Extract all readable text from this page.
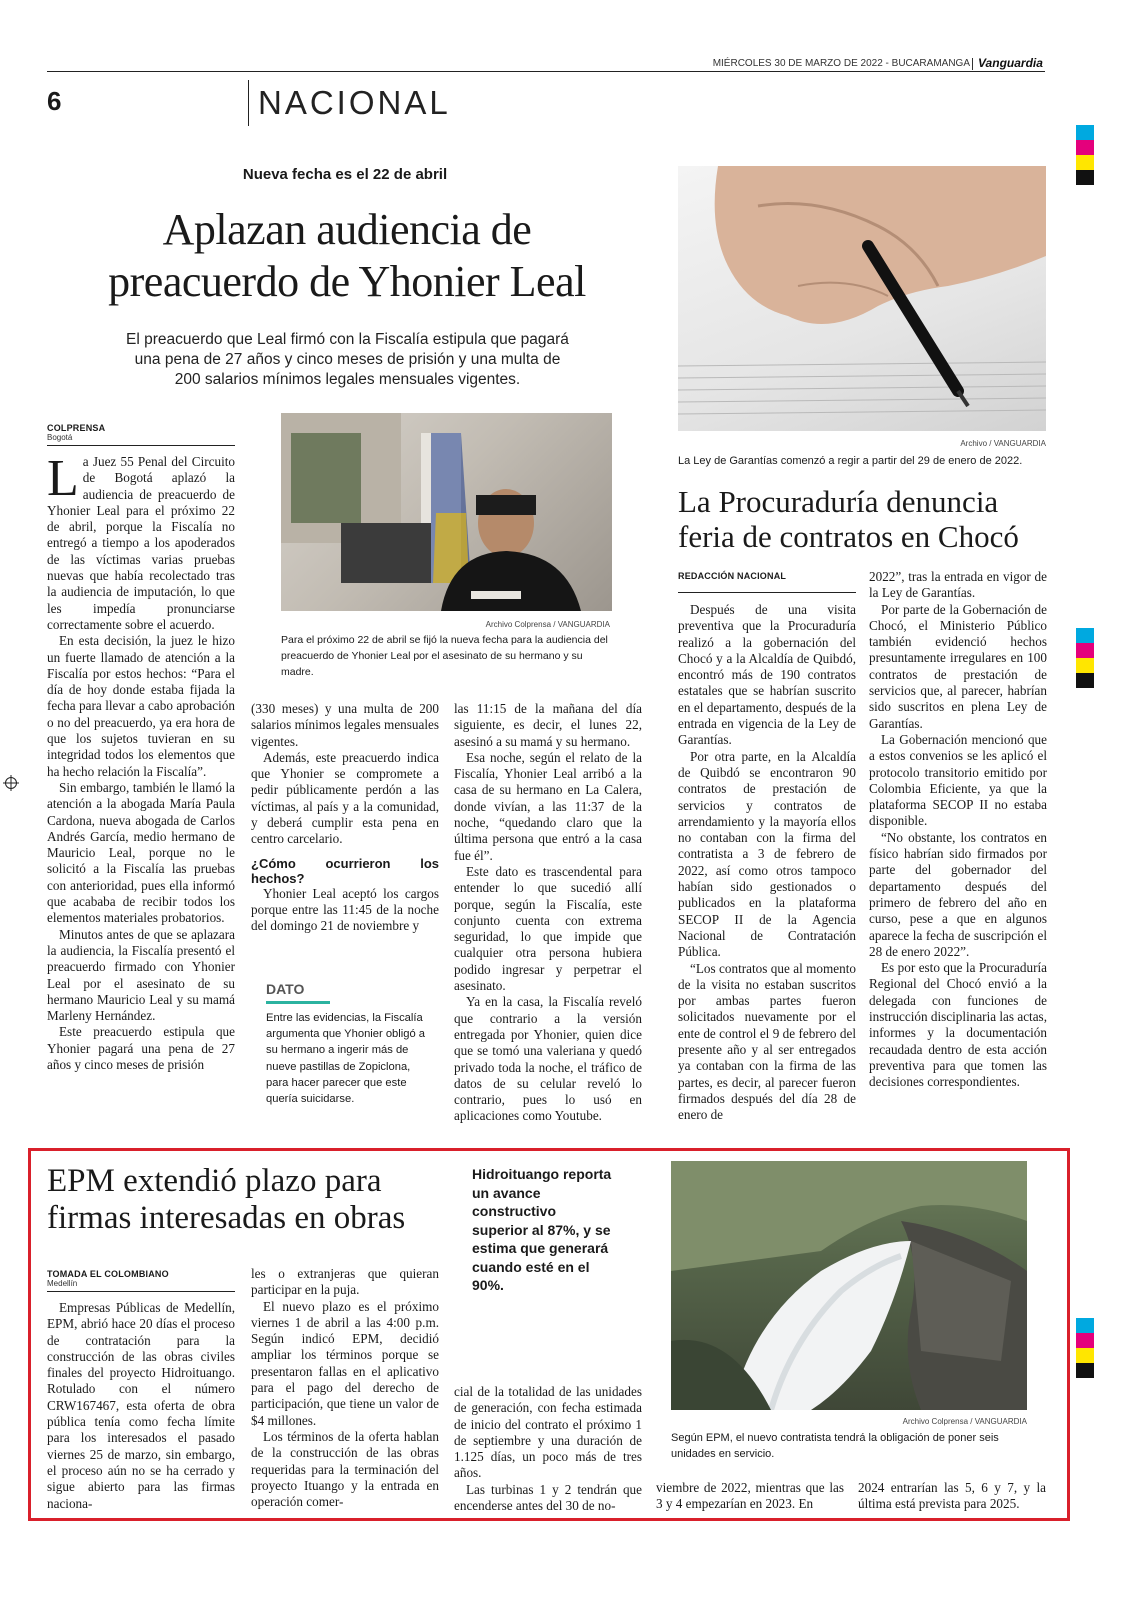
MIÉRCOLES 30 DE MARZO DE 2022 - BUCARAMANGA Vanguardia
6	NACIONAL
Nueva fecha es el 22 de abril
Aplazan audiencia de
preacuerdo de Yhonier Leal
El preacuerdo que Leal firmó con la Fiscalía estipula que pagará
una pena de 27 años y cinco meses de prisión y una multa de
200 salarios mínimos legales mensuales vigentes.
COLPRENSA
Bogotá

La Juez 55 Penal del Circuito de Bogotá aplazó la audiencia de preacuerdo de Yhonier Leal para el próximo 22 de abril, porque la Fiscalía no entregó a tiempo a los apoderados de las víctimas varias pruebas nuevas que había recolectado tras la audiencia de imputación, lo que les impedía pronunciarse correctamente sobre el acuerdo.

En esta decisión, la juez le hizo un fuerte llamado de atención a la Fiscalía por estos hechos: “Para el día de hoy donde estaba fijada la fecha para llevar a cabo aprobación o no del preacuerdo, ya era hora de que los sujetos tuvieran en su integridad todos los elementos que ha hecho relación la Fiscalía”.

Sin embargo, también le llamó la atención a la abogada María Paula Cardona, nueva abogada de Carlos Andrés García, medio hermano de Mauricio Leal, porque no le solicitó a la Fiscalía las pruebas con anterioridad, pues ella informó que acababa de recibir todos los elementos materiales probatorios.

Minutos antes de que se aplazara la audiencia, la Fiscalía presentó el preacuerdo firmado con Yhonier Leal por el asesinato de su hermano Mauricio Leal y su mamá Marleny Hernández.

Este preacuerdo estipula que Yhonier pagará una pena de 27 años y cinco meses de prisión

Archivo Colprensa / VANGUARDIA
Para el próximo 22 de abril se fijó la nueva fecha para la audiencia del preacuerdo de Yhonier Leal por el asesinato de su hermano y su madre.

(330 meses) y una multa de 200 salarios mínimos legales mensuales vigentes.

Además, este preacuerdo indica que Yhonier se compromete a pedir públicamente perdón a las víctimas, al país y a la comunidad, y deberá cumplir esta pena en centro carcelario.

¿Cómo ocurrieron los hechos?

Yhonier Leal aceptó los cargos porque entre las 11:45 de la noche del domingo 21 de noviembre y

DATO
Entre las evidencias, la Fiscalía argumenta que Yhonier obligó a su hermano a ingerir más de nueve pastillas de Zopiclona, para hacer parecer que este quería suicidarse.

las 11:15 de la mañana del día siguiente, es decir, el lunes 22, asesinó a su mamá y su hermano.

Esa noche, según el relato de la Fiscalía, Yhonier Leal arribó a la casa de su hermano en La Calera, donde vivían, a las 11:37 de la noche, “quedando claro que la última persona que entró a la casa fue él”.

Este dato es trascendental para entender lo que sucedió allí porque, según la Fiscalía, este conjunto cuenta con extrema seguridad, lo que impide que cualquier otra persona hubiera podido ingresar y perpetrar el asesinato.

Ya en la casa, la Fiscalía reveló que contrario a la versión entregada por Yhonier, quien dice que se tomó una valeriana y quedó privado toda la noche, el tráfico de datos de su celular reveló lo contrario, pues lo usó en aplicaciones como Youtube.

Archivo / VANGUARDIA
La Ley de Garantías comenzó a regir a partir del 29 de enero de 2022.
La Procuraduría denuncia
feria de contratos en Chocó
REDACCIÓN NACIONAL

Después de una visita preventiva que la Procuraduría realizó a la gobernación del Chocó y a la Alcaldía de Quibdó, encontró más de 190 contratos estatales que se habrían suscrito en el departamento, después de la entrada en vigencia de la Ley de Garantías.

Por otra parte, en la Alcaldía de Quibdó se encontraron 90 contratos de prestación de servicios y contratos de arrendamiento y la mayoría ellos no contaban con la firma del contratista a 3 de febrero de 2022, así como otros tampoco habían sido gestionados o publicados en la plataforma SECOP II de la Agencia Nacional de Contratación Pública.

“Los contratos que al momento de la visita no estaban suscritos por ambas partes fueron solicitados nuevamente por el ente de control el 9 de febrero del presente año y al ser entregados ya contaban con la firma de las partes, es decir, al parecer fueron firmados después del día 28 de enero de

2022”, tras la entrada en vigor de la Ley de Garantías.

Por parte de la Gobernación de Chocó, el Ministerio Público también evidenció hechos presuntamente irregulares en 100 contratos de prestación de servicios que, al parecer, habrían sido suscritos en plena Ley de Garantías.

La Gobernación mencionó que a estos convenios se les aplicó el protocolo transitorio emitido por Colombia Eficiente, ya que la plataforma SECOP II no estaba disponible.

“No obstante, los contratos en físico habrían sido firmados por parte del gobernador del departamento después del primero de febrero del año en curso, pese a que en algunos aparece la fecha de suscripción el 28 de enero 2022”.

Es por esto que la Procuraduría Regional del Chocó envió a la delegada con funciones de instrucción disciplinaria las actas, informes y la documentación recaudada dentro de esta acción preventiva para que tomen las decisiones correspondientes.

EPM extendió plazo para
firmas interesadas en obras
TOMADA EL COLOMBIANO
Medellín

Empresas Públicas de Medellín, EPM, abrió hace 20 días el proceso de contratación para la construcción de las obras civiles finales del proyecto Hidroituango. Rotulado con el número CRW167467, esta oferta de obra pública tenía como fecha límite para los interesados el pasado viernes 25 de marzo, sin embargo, el proceso aún no se ha cerrado y sigue abierto para las firmas naciona-

les o extranjeras que quieran participar en la puja.

El nuevo plazo es el próximo viernes 1 de abril a las 4:00 p.m. Según indicó EPM, decidió ampliar los términos porque se presentaron fallas en el aplicativo para el pago del derecho de participación, que tiene un valor de $4 millones.

Los términos de la oferta hablan de la construcción de las obras requeridas para la terminación del proyecto Ituango y la entrada en operación comer-

Hidroituango reporta un avance constructivo superior al 87%, y se estima que generará cuando esté en el 90%.

cial de la totalidad de las unidades de generación, con fecha estimada de inicio del contrato el próximo 1 de septiembre y una duración de 1.125 días, un poco más de tres años.

Las turbinas 1 y 2 tendrán que encenderse antes del 30 de no-

Archivo Colprensa / VANGUARDIA
Según EPM, el nuevo contratista tendrá la obligación de poner seis unidades en servicio.

viembre de 2022, mientras que las 3 y 4 empezarían en 2023. En

2024 entrarían las 5, 6 y 7, y la última está prevista para 2025.
